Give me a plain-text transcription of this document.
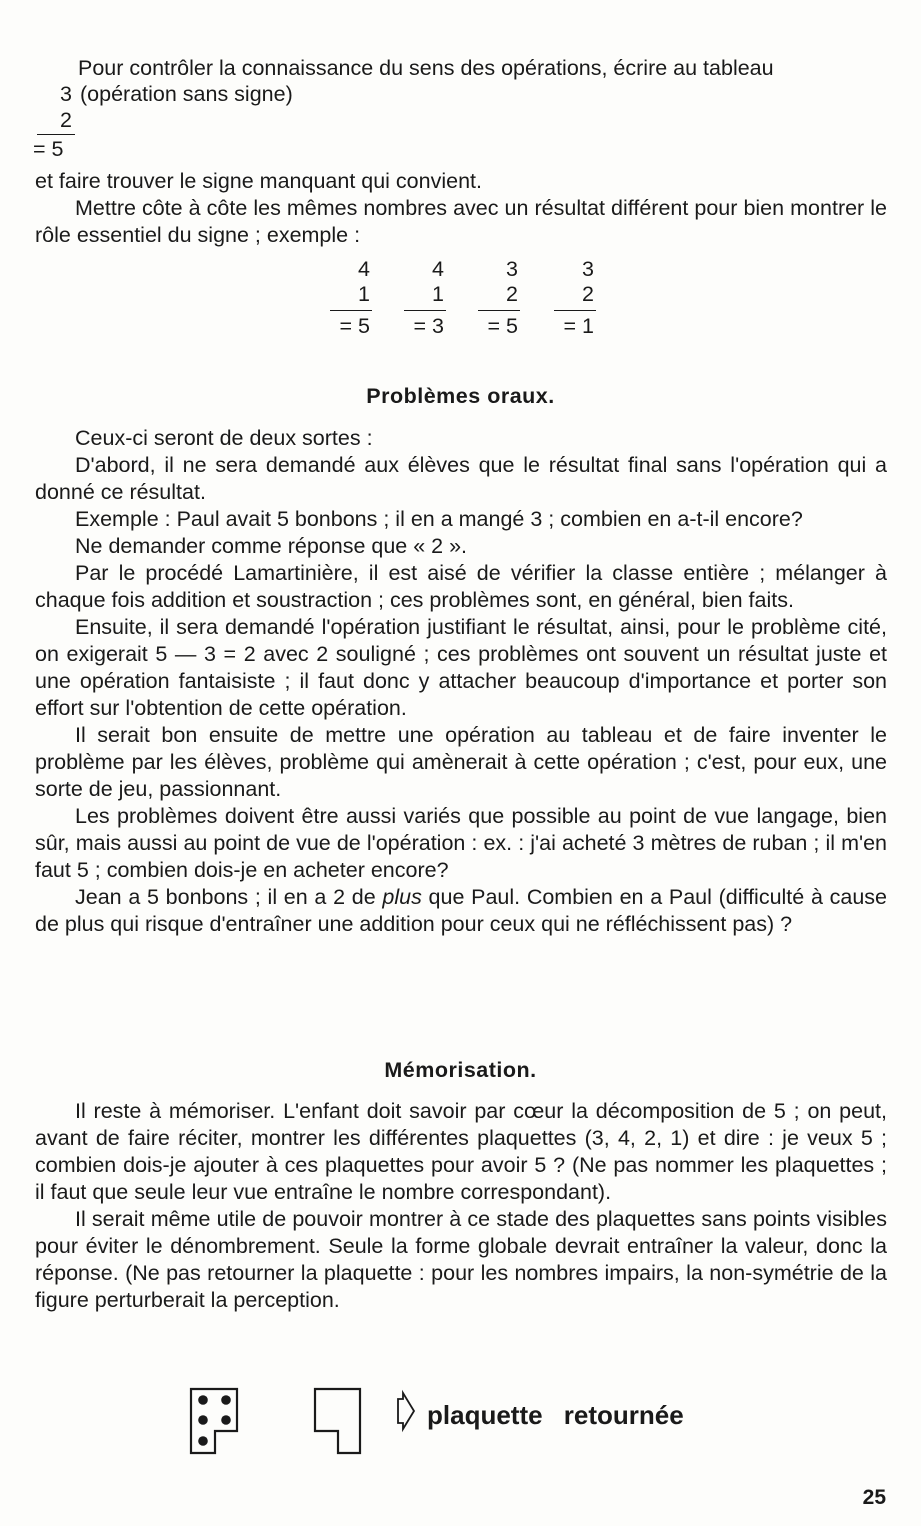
Pour contrôler la connaissance du sens des opérations, écrire au tableau
3 (opération sans signe)
2
= 5
et faire trouver le signe manquant qui convient.

Mettre côte à côte les mêmes nombres avec un résultat différent pour bien montrer le rôle essentiel du signe ; exemple :

4
1
= 5
4
1
= 3
3
2
= 5
3
2
= 1
Problèmes oraux.

Ceux-ci seront de deux sortes :

D'abord, il ne sera demandé aux élèves que le résultat final sans l'opération qui a donné ce résultat.

Exemple : Paul avait 5 bonbons ; il en a mangé 3 ; combien en a-t-il encore?

Ne demander comme réponse que « 2 ».

Par le procédé Lamartinière, il est aisé de vérifier la classe entière ; mélanger à chaque fois addition et soustraction ; ces problèmes sont, en général, bien faits.

Ensuite, il sera demandé l'opération justifiant le résultat, ainsi, pour le problème cité, on exigerait 5 — 3 = 2 avec 2 souligné ; ces problèmes ont souvent un résultat juste et une opération fantaisiste ; il faut donc y attacher beaucoup d'importance et porter son effort sur l'obtention de cette opération.

Il serait bon ensuite de mettre une opération au tableau et de faire inventer le problème par les élèves, problème qui amènerait à cette opération ; c'est, pour eux, une sorte de jeu, passionnant.

Les problèmes doivent être aussi variés que possible au point de vue langage, bien sûr, mais aussi au point de vue de l'opération : ex. : j'ai acheté 3 mètres de ruban ; il m'en faut 5 ; combien dois-je en acheter encore?

Jean a 5 bonbons ; il en a 2 de plus que Paul. Combien en a Paul (difficulté à cause de plus qui risque d'entraîner une addition pour ceux qui ne réfléchissent pas) ?

Mémorisation.

Il reste à mémoriser. L'enfant doit savoir par cœur la décomposition de 5 ; on peut, avant de faire réciter, montrer les différentes plaquettes (3, 4, 2, 1) et dire : je veux 5 ; combien dois-je ajouter à ces plaquettes pour avoir 5 ? (Ne pas nommer les plaquettes ; il faut que seule leur vue entraîne le nombre correspondant).

Il serait même utile de pouvoir montrer à ce stade des plaquettes sans points visibles pour éviter le dénombrement. Seule la forme globale devrait entraîner la valeur, donc la réponse. (Ne pas retourner la plaquette : pour les nombres impairs, la non-symétrie de la figure perturberait la perception.

plaquette retournée
25
